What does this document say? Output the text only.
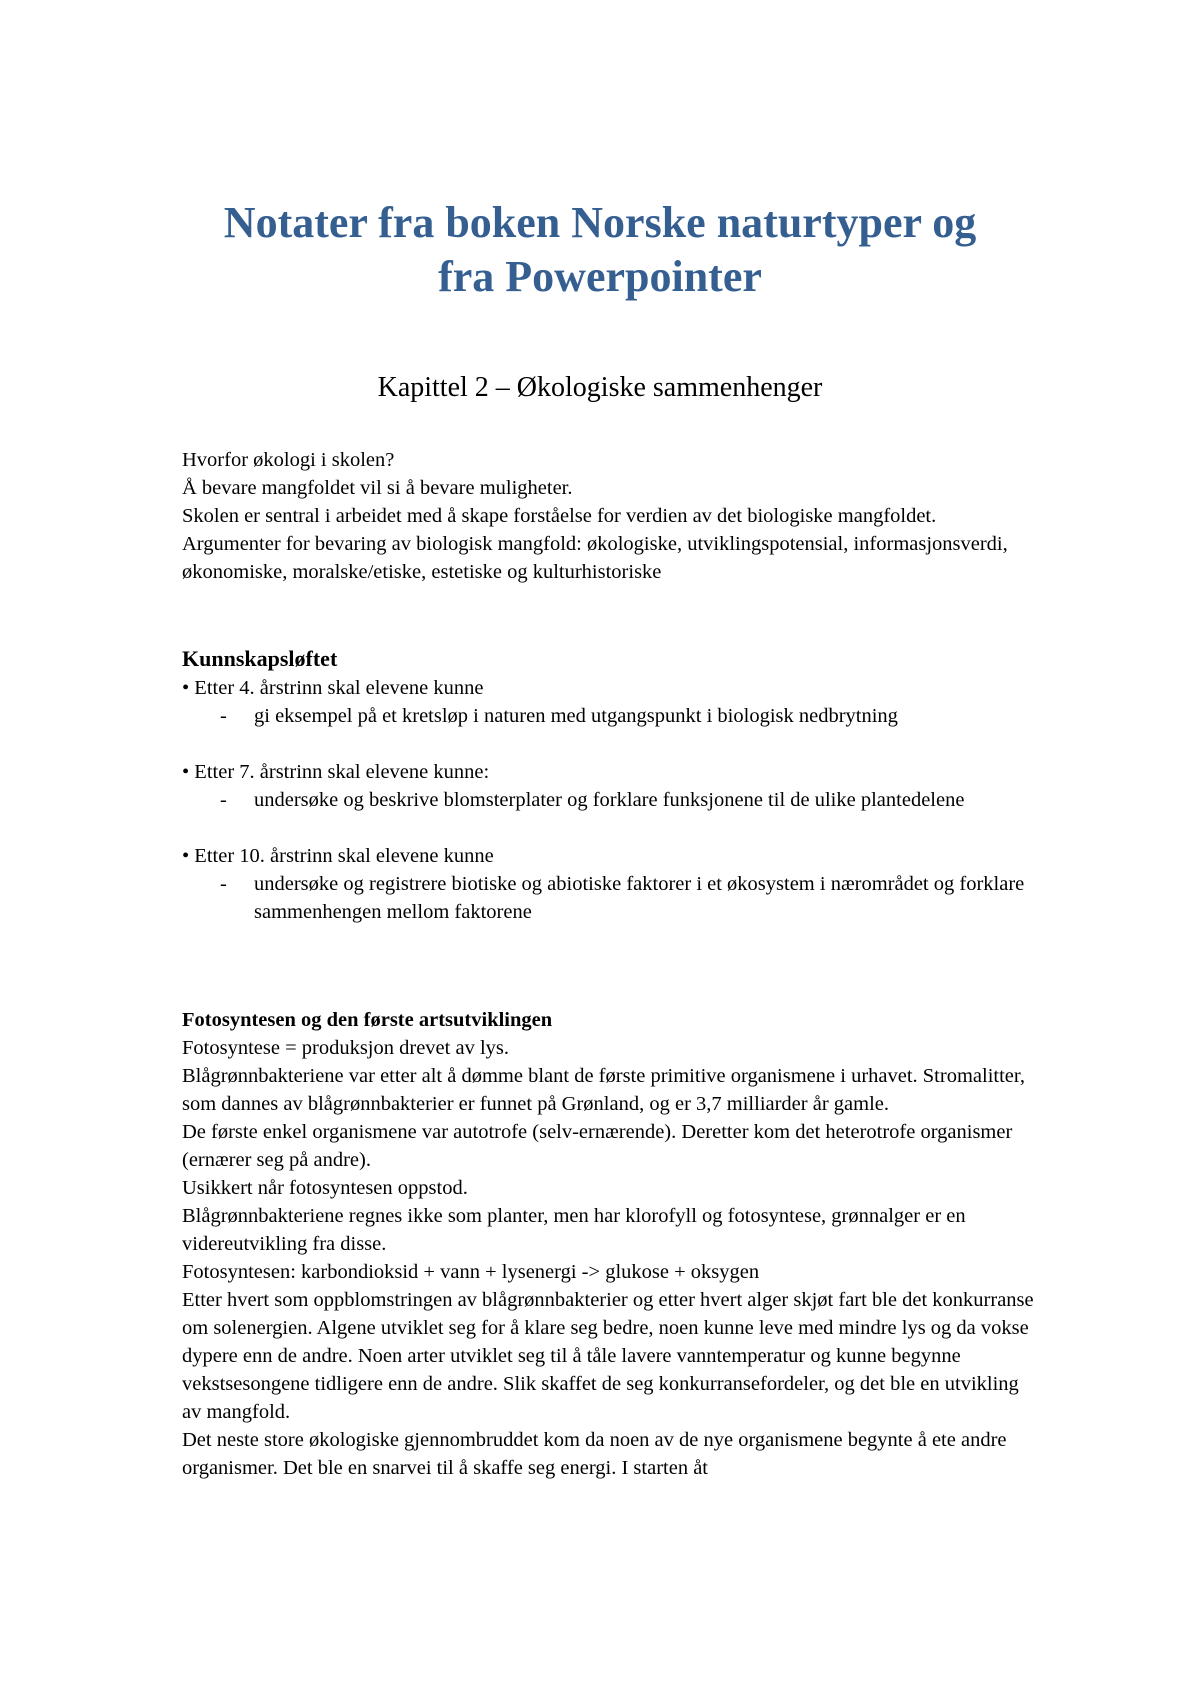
Notater fra boken Norske naturtyper og
fra Powerpointer
Kapittel 2 – Økologiske sammenhenger

Hvorfor økologi i skolen?

Å bevare mangfoldet vil si å bevare muligheter.

Skolen er sentral i arbeidet med å skape forståelse for verdien av det biologiske mangfoldet.

Argumenter for bevaring av biologisk mangfold: økologiske, utviklingspotensial, informasjonsverdi, økonomiske, moralske/etiske, estetiske og kulturhistoriske

Kunnskapsløftet

• Etter 4. årstrinn skal elevene kunne

- gi eksempel på et kretsløp i naturen med utgangspunkt i biologisk nedbrytning

• Etter 7. årstrinn skal elevene kunne:

- undersøke og beskrive blomsterplater og forklare funksjonene til de ulike plantedelene

• Etter 10. årstrinn skal elevene kunne

- undersøke og registrere biotiske og abiotiske faktorer i et økosystem i nærområdet og forklare sammenhengen mellom faktorene

Fotosyntesen og den første artsutviklingen

Fotosyntese = produksjon drevet av lys.

Blågrønnbakteriene var etter alt å dømme blant de første primitive organismene i urhavet. Stromalitter, som dannes av blågrønnbakterier er funnet på Grønland, og er 3,7 milliarder år gamle.

De første enkel organismene var autotrofe (selv-ernærende). Deretter kom det heterotrofe organismer (ernærer seg på andre).

Usikkert når fotosyntesen oppstod.

Blågrønnbakteriene regnes ikke som planter, men har klorofyll og fotosyntese, grønnalger er en videreutvikling fra disse.

Fotosyntesen: karbondioksid + vann + lysenergi -> glukose + oksygen

Etter hvert som oppblomstringen av blågrønnbakterier og etter hvert alger skjøt fart ble det konkurranse om solenergien. Algene utviklet seg for å klare seg bedre, noen kunne leve med mindre lys og da vokse dypere enn de andre. Noen arter utviklet seg til å tåle lavere vanntemperatur og kunne begynne vekstsesongene tidligere enn de andre. Slik skaffet de seg konkurransefordeler, og det ble en utvikling av mangfold.

Det neste store økologiske gjennombruddet kom da noen av de nye organismene begynte å ete andre organismer. Det ble en snarvei til å skaffe seg energi. I starten åt
